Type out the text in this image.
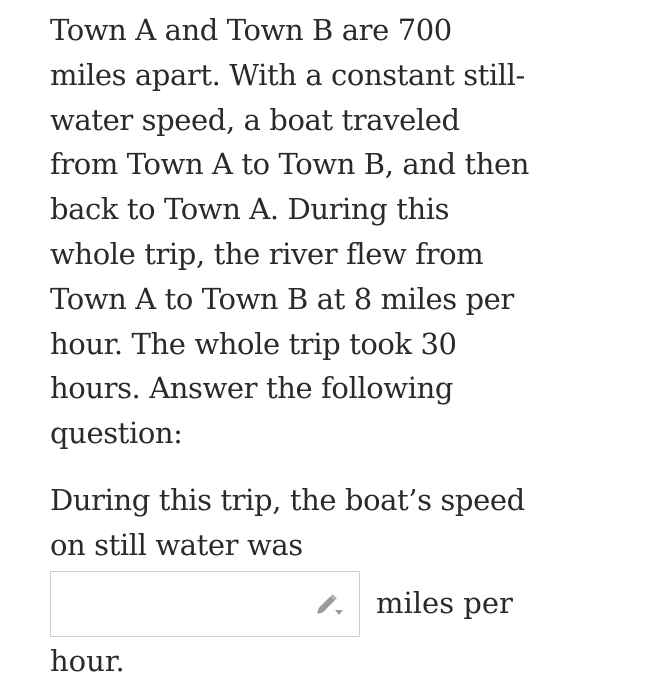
Town A and Town B are 700 miles apart. With a constant still-water speed, a boat traveled from Town A to Town B, and then back to Town A. During this whole trip, the river flew from Town A to Town B at 8 miles per hour. The whole trip took 30 hours. Answer the following question:

During this trip, the boat’s speed on still water was

miles per
hour.
